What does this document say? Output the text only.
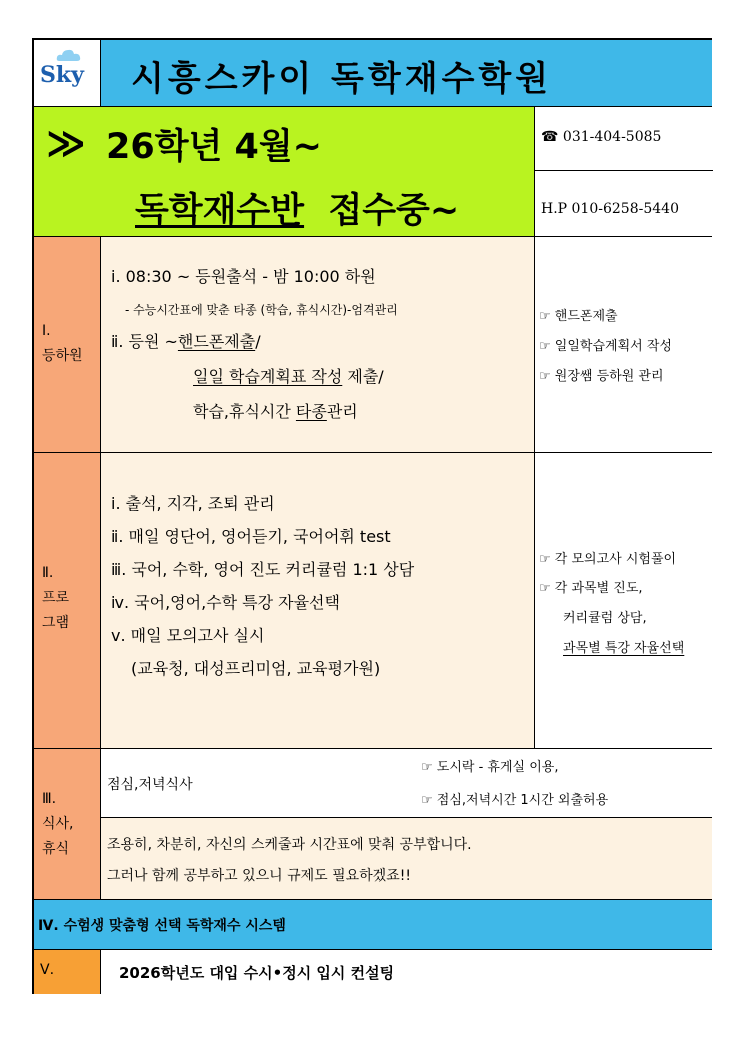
Sky 시흥스카이 독학재수학원
≫ 26학년 4월~
독학재수반 접수중~
☎ 031-404-5085
H.P 010-6258-5440
Ⅰ.
등하원
ⅰ. 08:30 ~ 등원출석 - 밤 10:00 하원
- 수능시간표에 맞춘 타종 (학습, 휴식시간)-엄격관리
ⅱ. 등원 ~핸드폰제출/
일일 학습계획표 작성 제출/
학습,휴식시간 타종관리
☞ 핸드폰제출
☞ 일일학습계획서 작성
☞ 원장쌤 등하원 관리
Ⅱ.
프로
그램
ⅰ. 출석, 지각, 조퇴 관리
ⅱ. 매일 영단어, 영어듣기, 국어어휘 test
ⅲ. 국어, 수학, 영어 진도 커리큘럼 1:1 상담
ⅳ. 국어,영어,수학 특강 자율선택
ⅴ. 매일 모의고사 실시
(교육청, 대성프리미엄, 교육평가원)
☞ 각 모의고사 시험풀이
☞ 각 과목별 진도,
커리큘럼 상담,
과목별 특강 자율선택
Ⅲ.
식사,
휴식
점심,저녁식사
☞ 도시락 - 휴게실 이용,
☞ 점심,저녁시간 1시간 외출허용
조용히, 차분히, 자신의 스케줄과 시간표에 맞춰 공부합니다.
그러나 함께 공부하고 있으니 규제도 필요하겠죠!!
Ⅳ. 수험생 맞춤형 선택 독학재수 시스템
Ⅴ.	2026학년도 대입 수시•정시 입시 컨설팅
